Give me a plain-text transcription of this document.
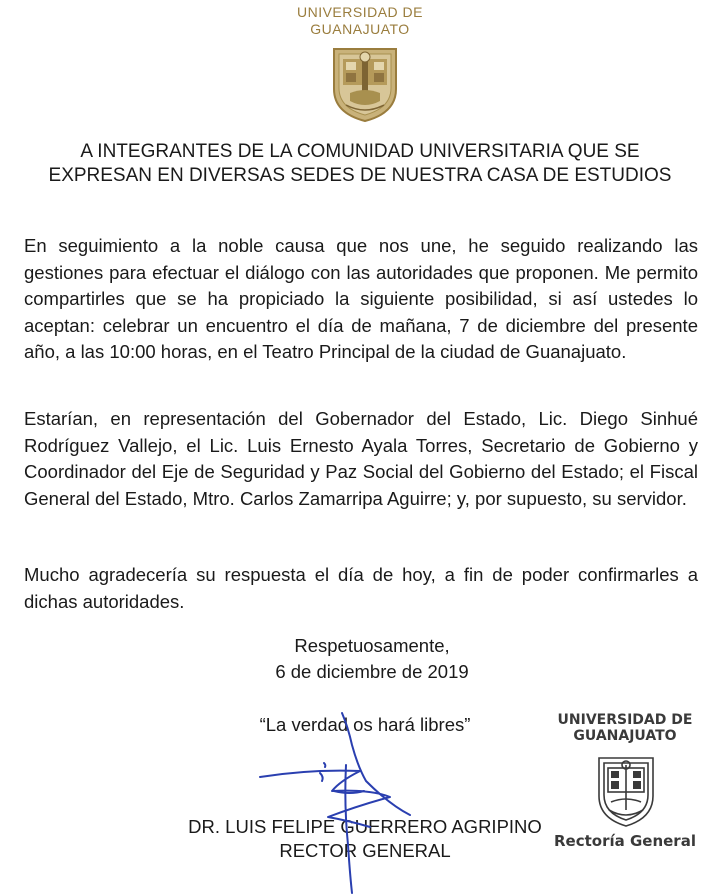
UNIVERSIDAD DE
GUANAJUATO
A INTEGRANTES DE LA COMUNIDAD UNIVERSITARIA QUE SE
EXPRESAN EN DIVERSAS SEDES DE NUESTRA CASA DE ESTUDIOS
En seguimiento a la noble causa que nos une, he seguido realizando las gestiones para efectuar el diálogo con las autoridades que proponen. Me permito compartirles que se ha propiciado la siguiente posibilidad, si así ustedes lo aceptan: celebrar un encuentro el día de mañana, 7 de diciembre del presente año, a las 10:00 horas, en el Teatro Principal de la ciudad de Guanajuato.
Estarían, en representación del Gobernador del Estado, Lic. Diego Sinhué Rodríguez Vallejo, el Lic. Luis Ernesto Ayala Torres, Secretario de Gobierno y Coordinador del Eje de Seguridad y Paz Social del Gobierno del Estado; el Fiscal General del Estado, Mtro. Carlos Zamarripa Aguirre; y, por supuesto, su servidor.
Mucho agradecería su respuesta el día de hoy, a fin de poder confirmarles a dichas autoridades.
Respetuosamente,
6 de diciembre de 2019
“La verdad os hará libres”
DR. LUIS FELIPE GUERRERO AGRIPINO
RECTOR GENERAL
UNIVERSIDAD DE
GUANAJUATO
Rectoría General
